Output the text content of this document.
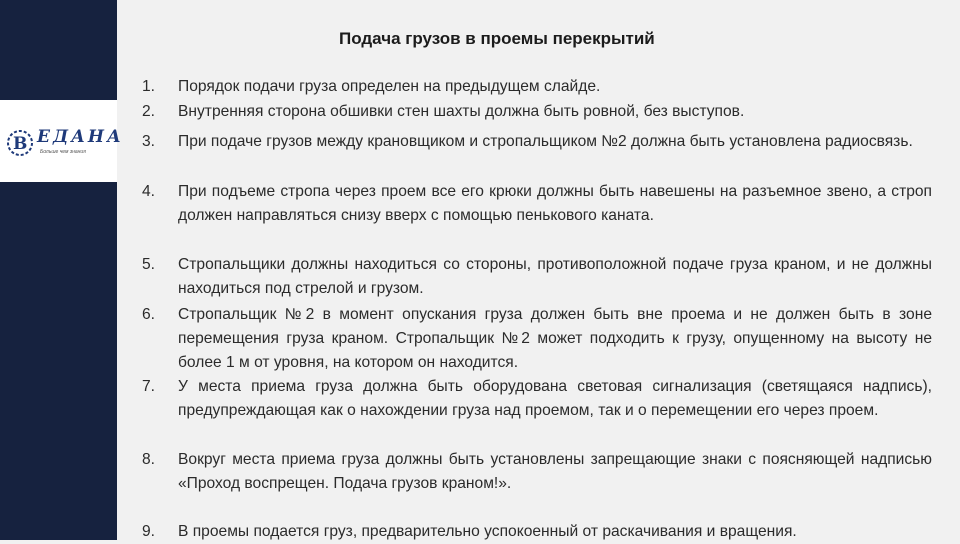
В ЕДАНА
Больше чем знания
Подача грузов в проемы перекрытий
1.	Порядок подачи груза определен на предыдущем слайде.
2.	Внутренняя сторона обшивки стен шахты должна быть ровной, без выступов.
3.	При подаче грузов между крановщиком и стропальщиком №2 должна быть установлена радиосвязь.
4.	При подъеме стропа через проем все его крюки должны быть навешены на разъемное звено, а строп должен направляться снизу вверх с помощью пенькового каната.
5.	Стропальщики должны находиться со стороны, противоположной подаче груза краном, и не должны находиться под стрелой и грузом.
6.	Стропальщик №2 в момент опускания груза должен быть вне проема и не должен быть в зоне перемещения груза краном. Стропальщик №2 может подходить к грузу, опущенному на высоту не более 1 м от уровня, на котором он находится.
7.	У места приема груза должна быть оборудована световая сигнализация (светящаяся надпись), предупреждающая как о нахождении груза над проемом, так и о перемещении его через проем.
8.	Вокруг места приема груза должны быть установлены запрещающие знаки с поясняющей надписью «Проход воспрещен. Подача грузов краном!».
9.	В проемы подается груз, предварительно успокоенный от раскачивания и вращения.
